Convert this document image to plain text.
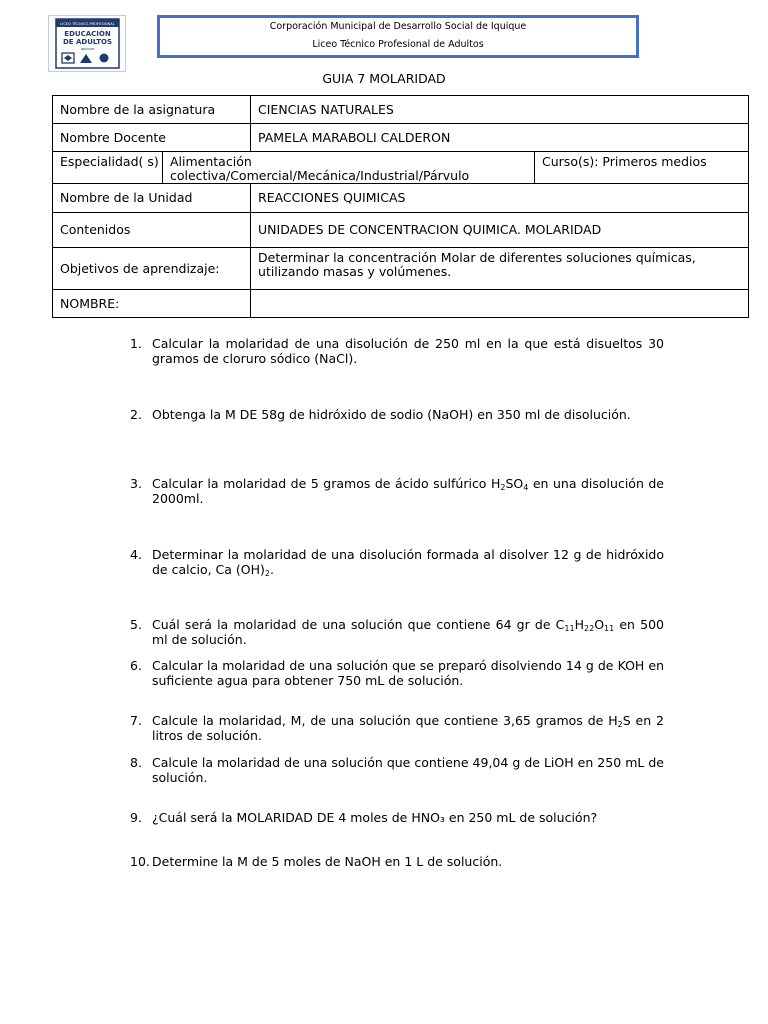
LICEO TÉCNICO-PROFESIONAL
EDUCACIÓN
DE ADULTOS
Iquique
Corporación Municipal de Desarrollo Social de Iquique
Liceo Técnico Profesional de Adultos
GUIA 7 MOLARIDAD
Nombre de la asignatura		CIENCIAS NATURALES	
Nombre Docente		PAMELA MARABOLI CALDERON	
Especialidad( s)	Alimentación colectiva/Comercial/Mecánica/Industrial/Párvulo		Curso(s): Primeros medios
Nombre de la Unidad		REACCIONES QUIMICAS	
Contenidos		UNIDADES DE CONCENTRACION QUIMICA. MOLARIDAD	
Objetivos de aprendizaje:		Determinar la concentración Molar de diferentes soluciones químicas, utilizando masas y volúmenes.	
NOMBRE:			
1. Calcular la molaridad de una disolución de 250 ml en la que está disueltos 30 gramos de cloruro sódico (NaCl).
2. Obtenga la M DE 58g de hidróxido de sodio (NaOH) en 350 ml de disolución.
3. Calcular la molaridad de 5 gramos de ácido sulfúrico $H_2SO_4$ en una disolución de 2000ml.
4. Determinar la molaridad de una disolución formada al disolver 12 g de hidróxido de calcio, Ca $(OH)_2$.
5. Cuál será la molaridad de una solución que contiene 64 gr de $C_{11}H_{22}O_{11}$ en 500 ml de solución.
6. Calcular la molaridad de una solución que se preparó disolviendo 14 g de KOH en suficiente agua para obtener 750 mL de solución.
7. Calcule la molaridad, M, de una solución que contiene 3,65 gramos de $H_2S$ en 2 litros de solución.
8. Calcule la molaridad de una solución que contiene 49,04 g de LiOH en 250 mL de solución.
9. ¿Cuál será la MOLARIDAD DE 4 moles de HNO₃ en 250 mL de solución?
10. Determine la M de 5 moles de NaOH en 1 L de solución.
